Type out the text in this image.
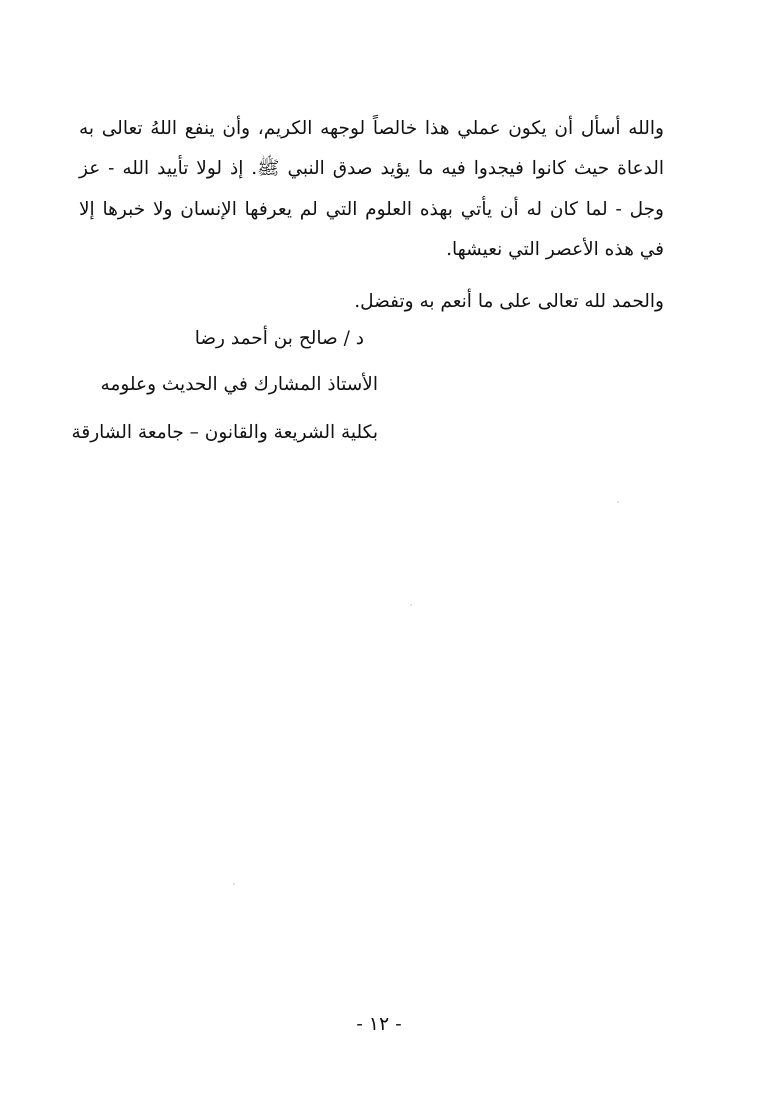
والله أسأل أن يكون عملي هذا خالصاً لوجهه الكريم، وأن ينفع اللهُ تعالى به الدعاة حيث كانوا فيجدوا فيه ما يؤيد صدق النبي ﷺ. إذ لولا تأييد الله - عز وجل - لما كان له أن يأتي بهذه العلوم التي لم يعرفها الإنسان ولا خبرها إلا في هذه الأعصر التي نعيشها.

والحمد لله تعالى على ما أنعم به وتفضل.

د / صالح بن أحمد رضا
الأستاذ المشارك في الحديث وعلومه
بكلية الشريعة والقانون – جامعة الشارقة
- ١٢ -
